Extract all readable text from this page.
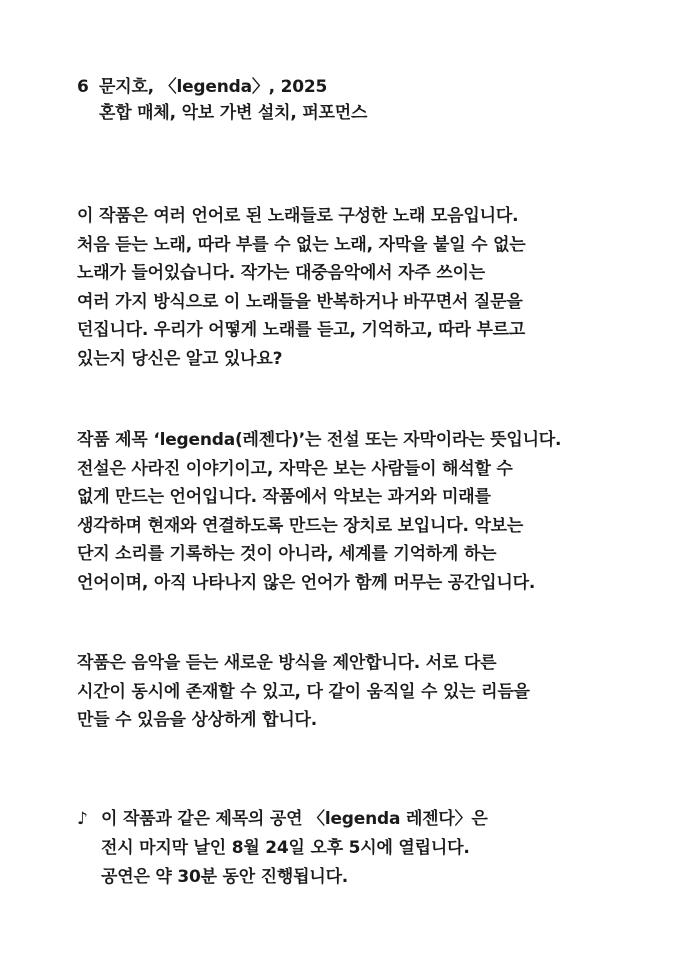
6 문지호, 〈legenda〉, 2025
혼합 매체, 악보 가변 설치, 퍼포먼스
이 작품은 여러 언어로 된 노래들로 구성한 노래 모음입니다.
처음 듣는 노래, 따라 부를 수 없는 노래, 자막을 붙일 수 없는
노래가 들어있습니다. 작가는 대중음악에서 자주 쓰이는
여러 가지 방식으로 이 노래들을 반복하거나 바꾸면서 질문을
던집니다. 우리가 어떻게 노래를 듣고, 기억하고, 따라 부르고
있는지 당신은 알고 있나요?
작품 제목 ‘legenda(레젠다)’는 전설 또는 자막이라는 뜻입니다.
전설은 사라진 이야기이고, 자막은 보는 사람들이 해석할 수
없게 만드는 언어입니다. 작품에서 악보는 과거와 미래를
생각하며 현재와 연결하도록 만드는 장치로 보입니다. 악보는
단지 소리를 기록하는 것이 아니라, 세계를 기억하게 하는
언어이며, 아직 나타나지 않은 언어가 함께 머무는 공간입니다.
작품은 음악을 듣는 새로운 방식을 제안합니다. 서로 다른
시간이 동시에 존재할 수 있고, 다 같이 움직일 수 있는 리듬을
만들 수 있음을 상상하게 합니다.
♪ 이 작품과 같은 제목의 공연 〈legenda 레젠다〉은
전시 마지막 날인 8월 24일 오후 5시에 열립니다.
공연은 약 30분 동안 진행됩니다.
